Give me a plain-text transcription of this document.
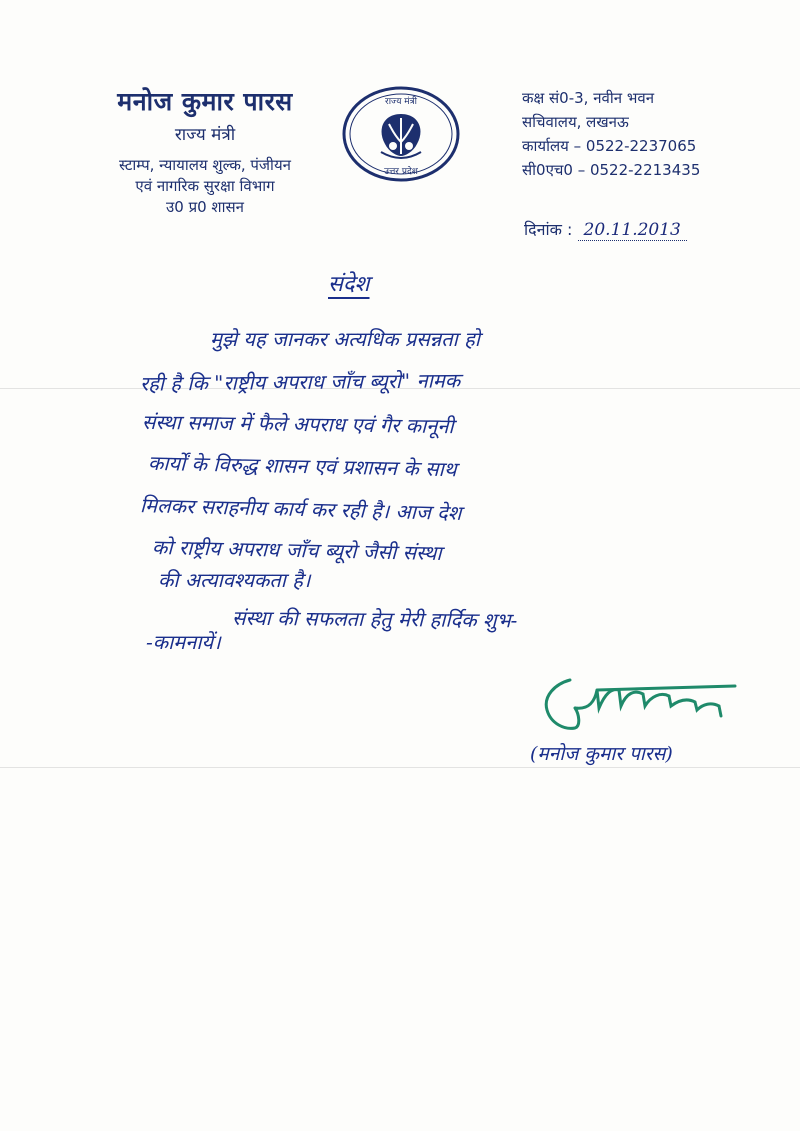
मनोज कुमार पारस
राज्य मंत्री
स्टाम्प, न्यायालय शुल्क, पंजीयन
एवं नागरिक सुरक्षा विभाग
उ0 प्र0 शासन
राज्य मंत्री
उत्तर प्रदेश
कक्ष सं0-3, नवीन भवन
सचिवालय, लखनऊ
कार्यालय – 0522-2237065
सी0एच0 – 0522-2213435
दिनांक : 20.11.2013
संदेश
मुझे यह जानकर अत्यधिक प्रसन्नता हो
रही है कि "राष्ट्रीय अपराध जाँच ब्यूरो" नामक
संस्था समाज में फैले अपराध एवं गैर कानूनी
कार्यों के विरुद्ध शासन एवं प्रशासन के साथ
मिलकर सराहनीय कार्य कर रही है। आज देश
को राष्ट्रीय अपराध जाँच ब्यूरो जैसी संस्था
की अत्यावश्यकता है।
संस्था की सफलता हेतु मेरी हार्दिक शुभ-
-कामनायें।
(मनोज कुमार पारस)
